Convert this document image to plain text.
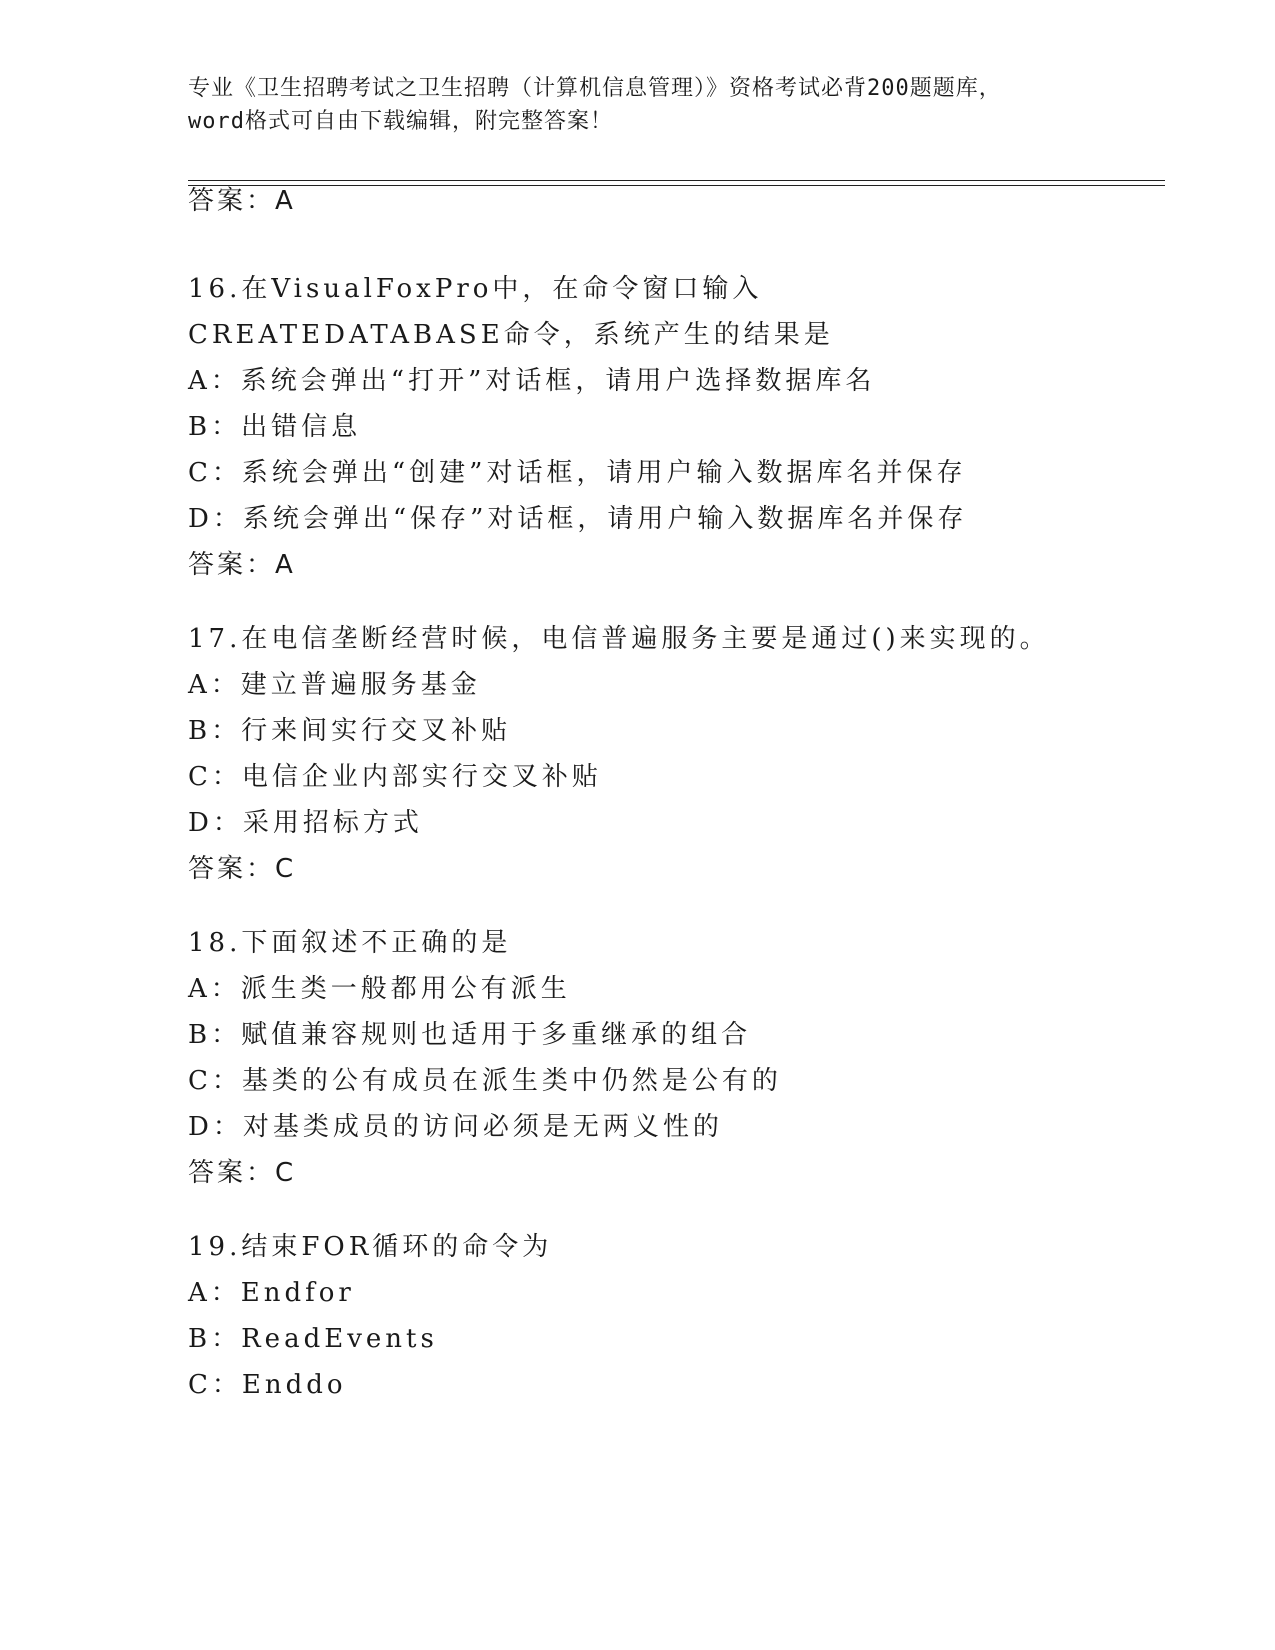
专业《卫生招聘考试之卫生招聘（计算机信息管理）》资格考试必背200题题库，
word格式可自由下载编辑，附完整答案！
答案：A
16.在VisualFoxPro中，在命令窗口输入CREATEDATABASE命令，系统产生的结果是
A：系统会弹出“打开”对话框，请用户选择数据库名
B：出错信息
C：系统会弹出“创建”对话框，请用户输入数据库名并保存
D：系统会弹出“保存”对话框，请用户输入数据库名并保存
答案：A
17.在电信垄断经营时候，电信普遍服务主要是通过()来实现的。
A：建立普遍服务基金
B：行来间实行交叉补贴
C：电信企业内部实行交叉补贴
D：采用招标方式
答案：C
18.下面叙述不正确的是
A：派生类一般都用公有派生
B：赋值兼容规则也适用于多重继承的组合
C：基类的公有成员在派生类中仍然是公有的
D：对基类成员的访问必须是无两义性的
答案：C
19.结束FOR循环的命令为
A：Endfor
B：ReadEvents
C：Enddo
